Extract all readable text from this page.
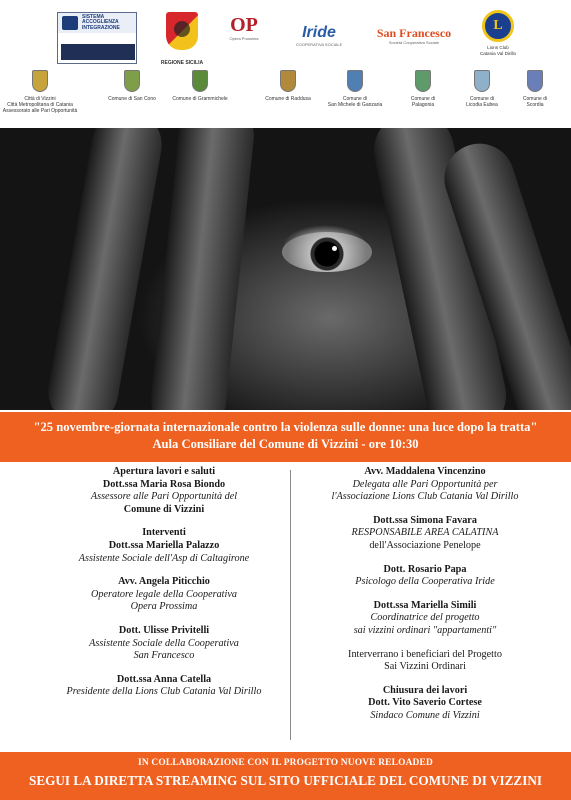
SISTEMA
ACCOGLIENZA
INTEGRAZIONE
REGIONE SICILIA
OP
Opera Prossima	Iride
COOPERATIVA SOCIALE
San Francesco
Società Cooperativa Sociale
L
Lions Club
Catania Val Dirillo
Città di Vizzini
Città Metropolitana di Catania
Assessorato alle Pari Opportunità
Comune di San Cono	Comune di Grammichele	Comune di Raddusa	Comune di
San Michele di Ganzaria
Comune di
Palagonia
Comune di
Licodia Eubea
Comune di
Scordia
"25 novembre-giornata internazionale contro la violenza sulle donne: una luce dopo la tratta"
Aula Consiliare del Comune di Vizzini - ore 10:30
Apertura lavori e saluti
Dott.ssa Maria Rosa Biondo
Assessore alle Pari Opportunità del
Comune di Vizzini
Interventi
Dott.ssa Mariella Palazzo
Assistente Sociale dell'Asp di Caltagirone
Avv. Angela Piticchio
Operatore legale della Cooperativa
Opera Prossima
Dott. Ulisse Privitelli
Assistente Sociale della Cooperativa
San Francesco
Dott.ssa Anna Catella
Presidente della Lions Club Catania Val Dirillo
Avv. Maddalena Vincenzino
Delegata alle Pari Opportunità per
l'Associazione Lions Club Catania Val Dirillo
Dott.ssa Simona Favara
RESPONSABILE AREA CALATINA
dell'Associazione Penelope
Dott. Rosario Papa
Psicologo della Cooperativa Iride
Dott.ssa Mariella Simili
Coordinatrice del progetto
sai vizzini ordinari "appartamenti"
Interverrano i beneficiari del Progetto
Sai Vizzini Ordinari
Chiusura dei lavori
Dott. Vito Saverio Cortese
Sindaco Comune di Vizzini
IN COLLABORAZIONE CON IL PROGETTO NUOVE RELOADED
SEGUI LA DIRETTA STREAMING SUL SITO UFFICIALE DEL COMUNE DI VIZZINI
